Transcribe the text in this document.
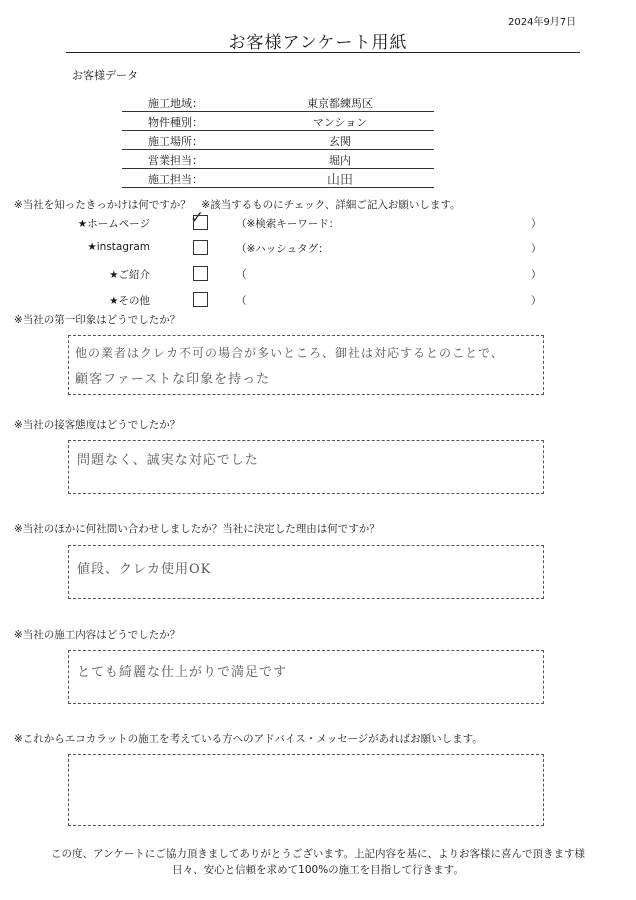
2024年9月7日
お客様アンケート用紙
お客様データ
施工地域：	東京都練馬区
物件種別：	マンション
施工場所：	玄関
営業担当：	堀内
施工担当：	山田
※当社を知ったきっかけは何ですか？　※該当するものにチェック、詳細ご記入お願いします。
★ホームページ ✓	（※検索キーワード：	）
★instagram	（※ハッシュタグ：	）
★ご紹介	（	）
★その他	（	）
※当社の第一印象はどうでしたか？
他の業者はクレカ不可の場合が多いところ、御社は対応するとのことで、
顧客ファーストな印象を持った
※当社の接客態度はどうでしたか？
問題なく、誠実な対応でした
※当社のほかに何社問い合わせしましたか？当社に決定した理由は何ですか？
値段、クレカ使用OK
※当社の施工内容はどうでしたか？
とても綺麗な仕上がりで満足です
※これからエコカラットの施工を考えている方へのアドバイス・メッセージがあればお願いします。
この度、アンケートにご協力頂きましてありがとうございます。上記内容を基に、よりお客様に喜んで頂きます様
日々、安心と信頼を求めて100%の施工を目指して行きます。
